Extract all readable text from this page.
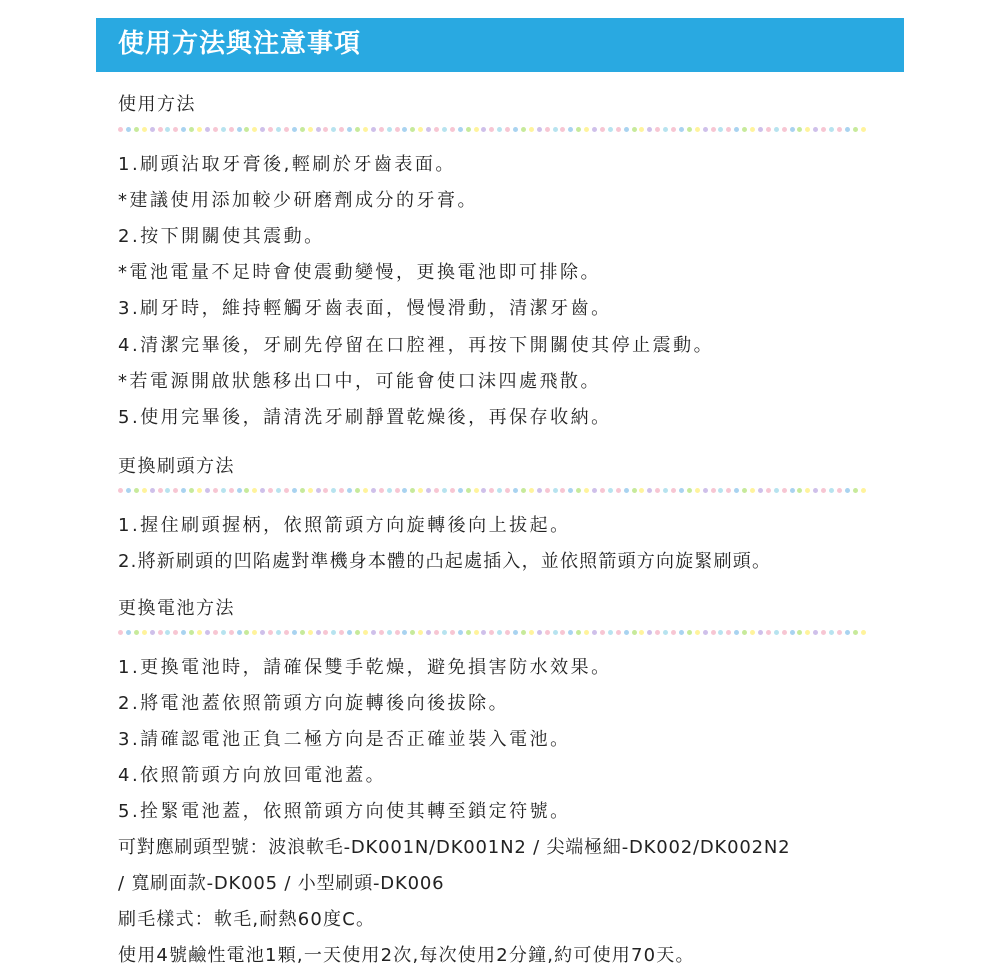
使用方法與注意事項
使用方法
1.刷頭沾取牙膏後,輕刷於牙齒表面。
*建議使用添加較少研磨劑成分的牙膏。
2.按下開關使其震動。
*電池電量不足時會使震動變慢，更換電池即可排除。
3.刷牙時，維持輕觸牙齒表面，慢慢滑動，清潔牙齒。
4.清潔完畢後，牙刷先停留在口腔裡，再按下開關使其停止震動。
*若電源開啟狀態移出口中，可能會使口沫四處飛散。
5.使用完畢後，請清洗牙刷靜置乾燥後，再保存收納。
更換刷頭方法
1.握住刷頭握柄，依照箭頭方向旋轉後向上拔起。
2.將新刷頭的凹陷處對準機身本體的凸起處插入，並依照箭頭方向旋緊刷頭。
更換電池方法
1.更換電池時，請確保雙手乾燥，避免損害防水效果。
2.將電池蓋依照箭頭方向旋轉後向後拔除。
3.請確認電池正負二極方向是否正確並裝入電池。
4.依照箭頭方向放回電池蓋。
5.拴緊電池蓋，依照箭頭方向使其轉至鎖定符號。
可對應刷頭型號：波浪軟毛-DK001N/DK001N2 / 尖端極細-DK002/DK002N2
/ 寬刷面款-DK005 / 小型刷頭-DK006
刷毛樣式：軟毛,耐熱60度C。
使用4號鹼性電池1顆,一天使用2次,每次使用2分鐘,約可使用70天。
